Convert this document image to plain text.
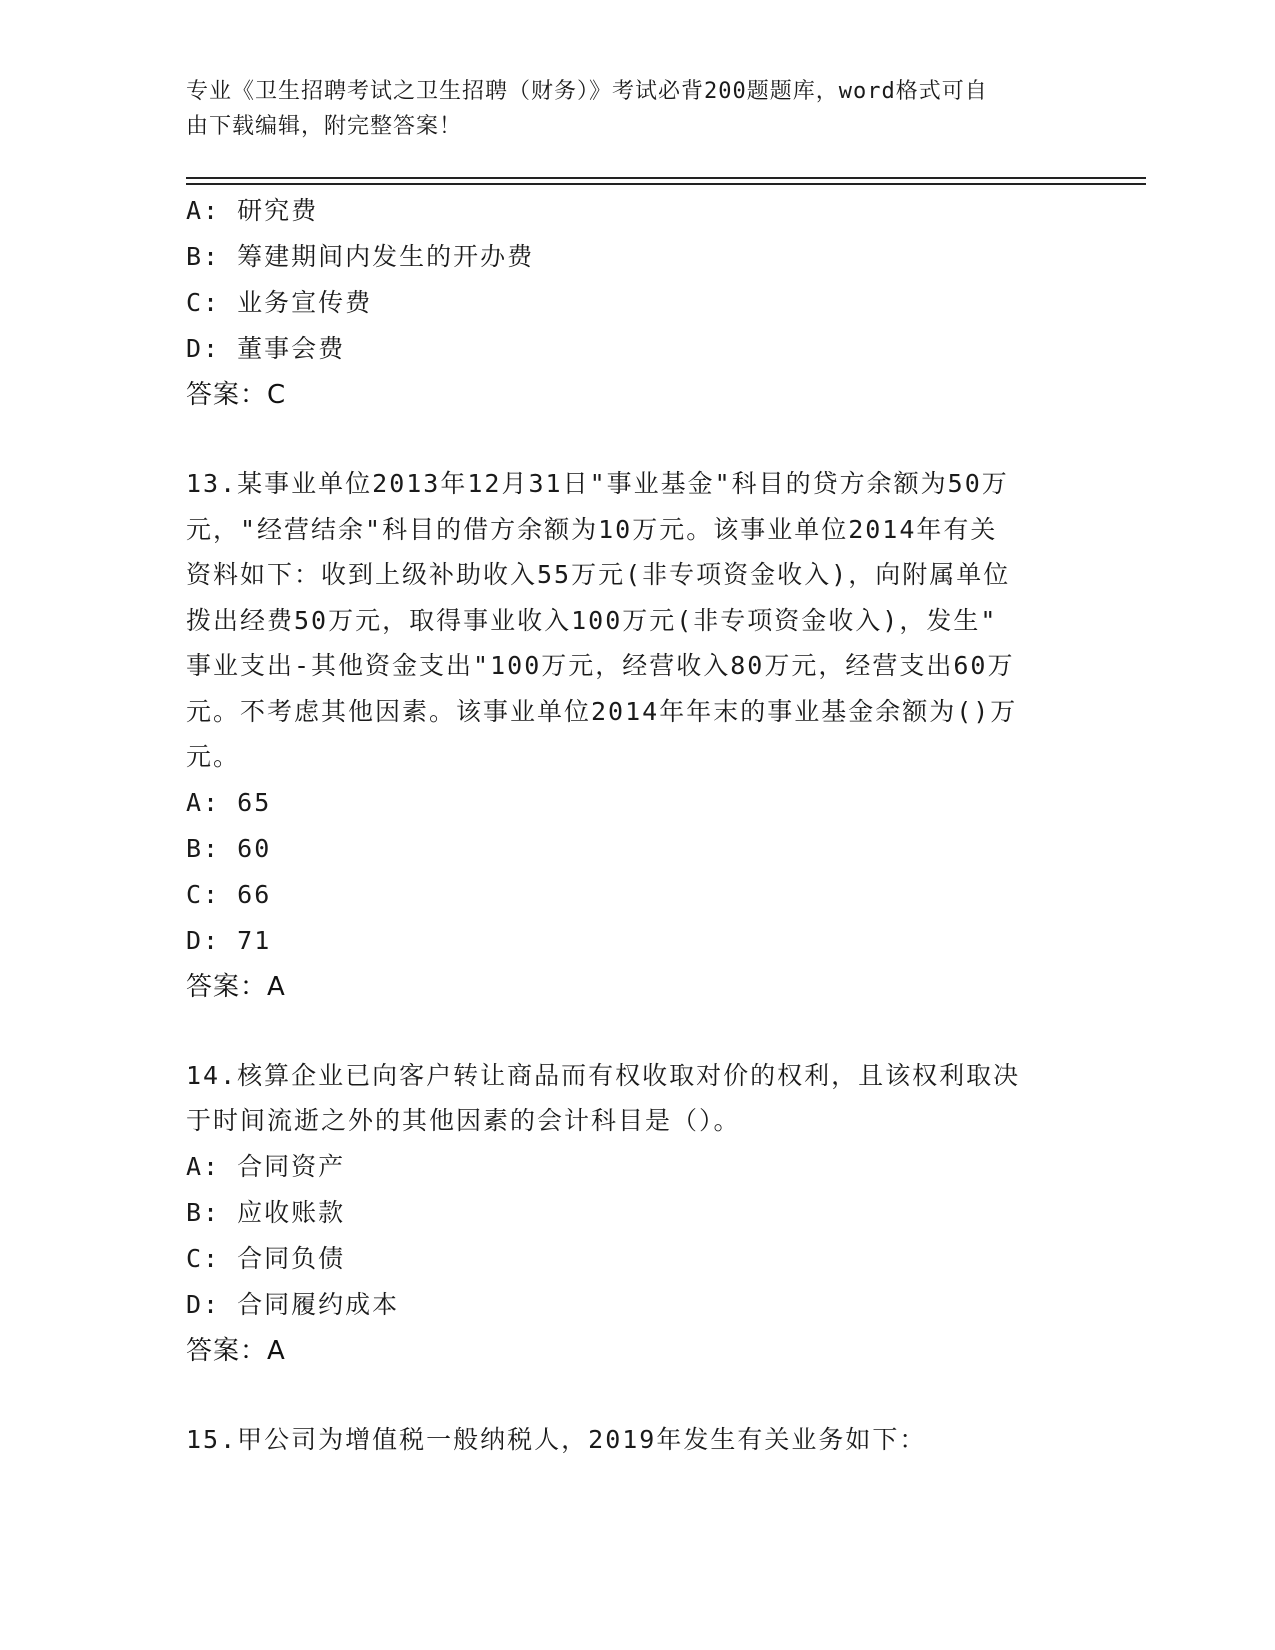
专业《卫生招聘考试之卫生招聘（财务）》考试必背200题题库，word格式可自
由下载编辑，附完整答案！
A: 研究费
B: 筹建期间内发生的开办费
C: 业务宣传费
D: 董事会费
答案：C
13.某事业单位2013年12月31日"事业基金"科目的贷方余额为50万
元，"经营结余"科目的借方余额为10万元。该事业单位2014年有关
资料如下：收到上级补助收入55万元(非专项资金收入)，向附属单位
拨出经费50万元，取得事业收入100万元(非专项资金收入)，发生"
事业支出-其他资金支出"100万元，经营收入80万元，经营支出60万
元。不考虑其他因素。该事业单位2014年年末的事业基金余额为()万
元。
A: 65
B: 60
C: 66
D: 71
答案：A
14.核算企业已向客户转让商品而有权收取对价的权利，且该权利取决
于时间流逝之外的其他因素的会计科目是（）。
A: 合同资产
B: 应收账款
C: 合同负债
D: 合同履约成本
答案：A
15.甲公司为增值税一般纳税人，2019年发生有关业务如下：
